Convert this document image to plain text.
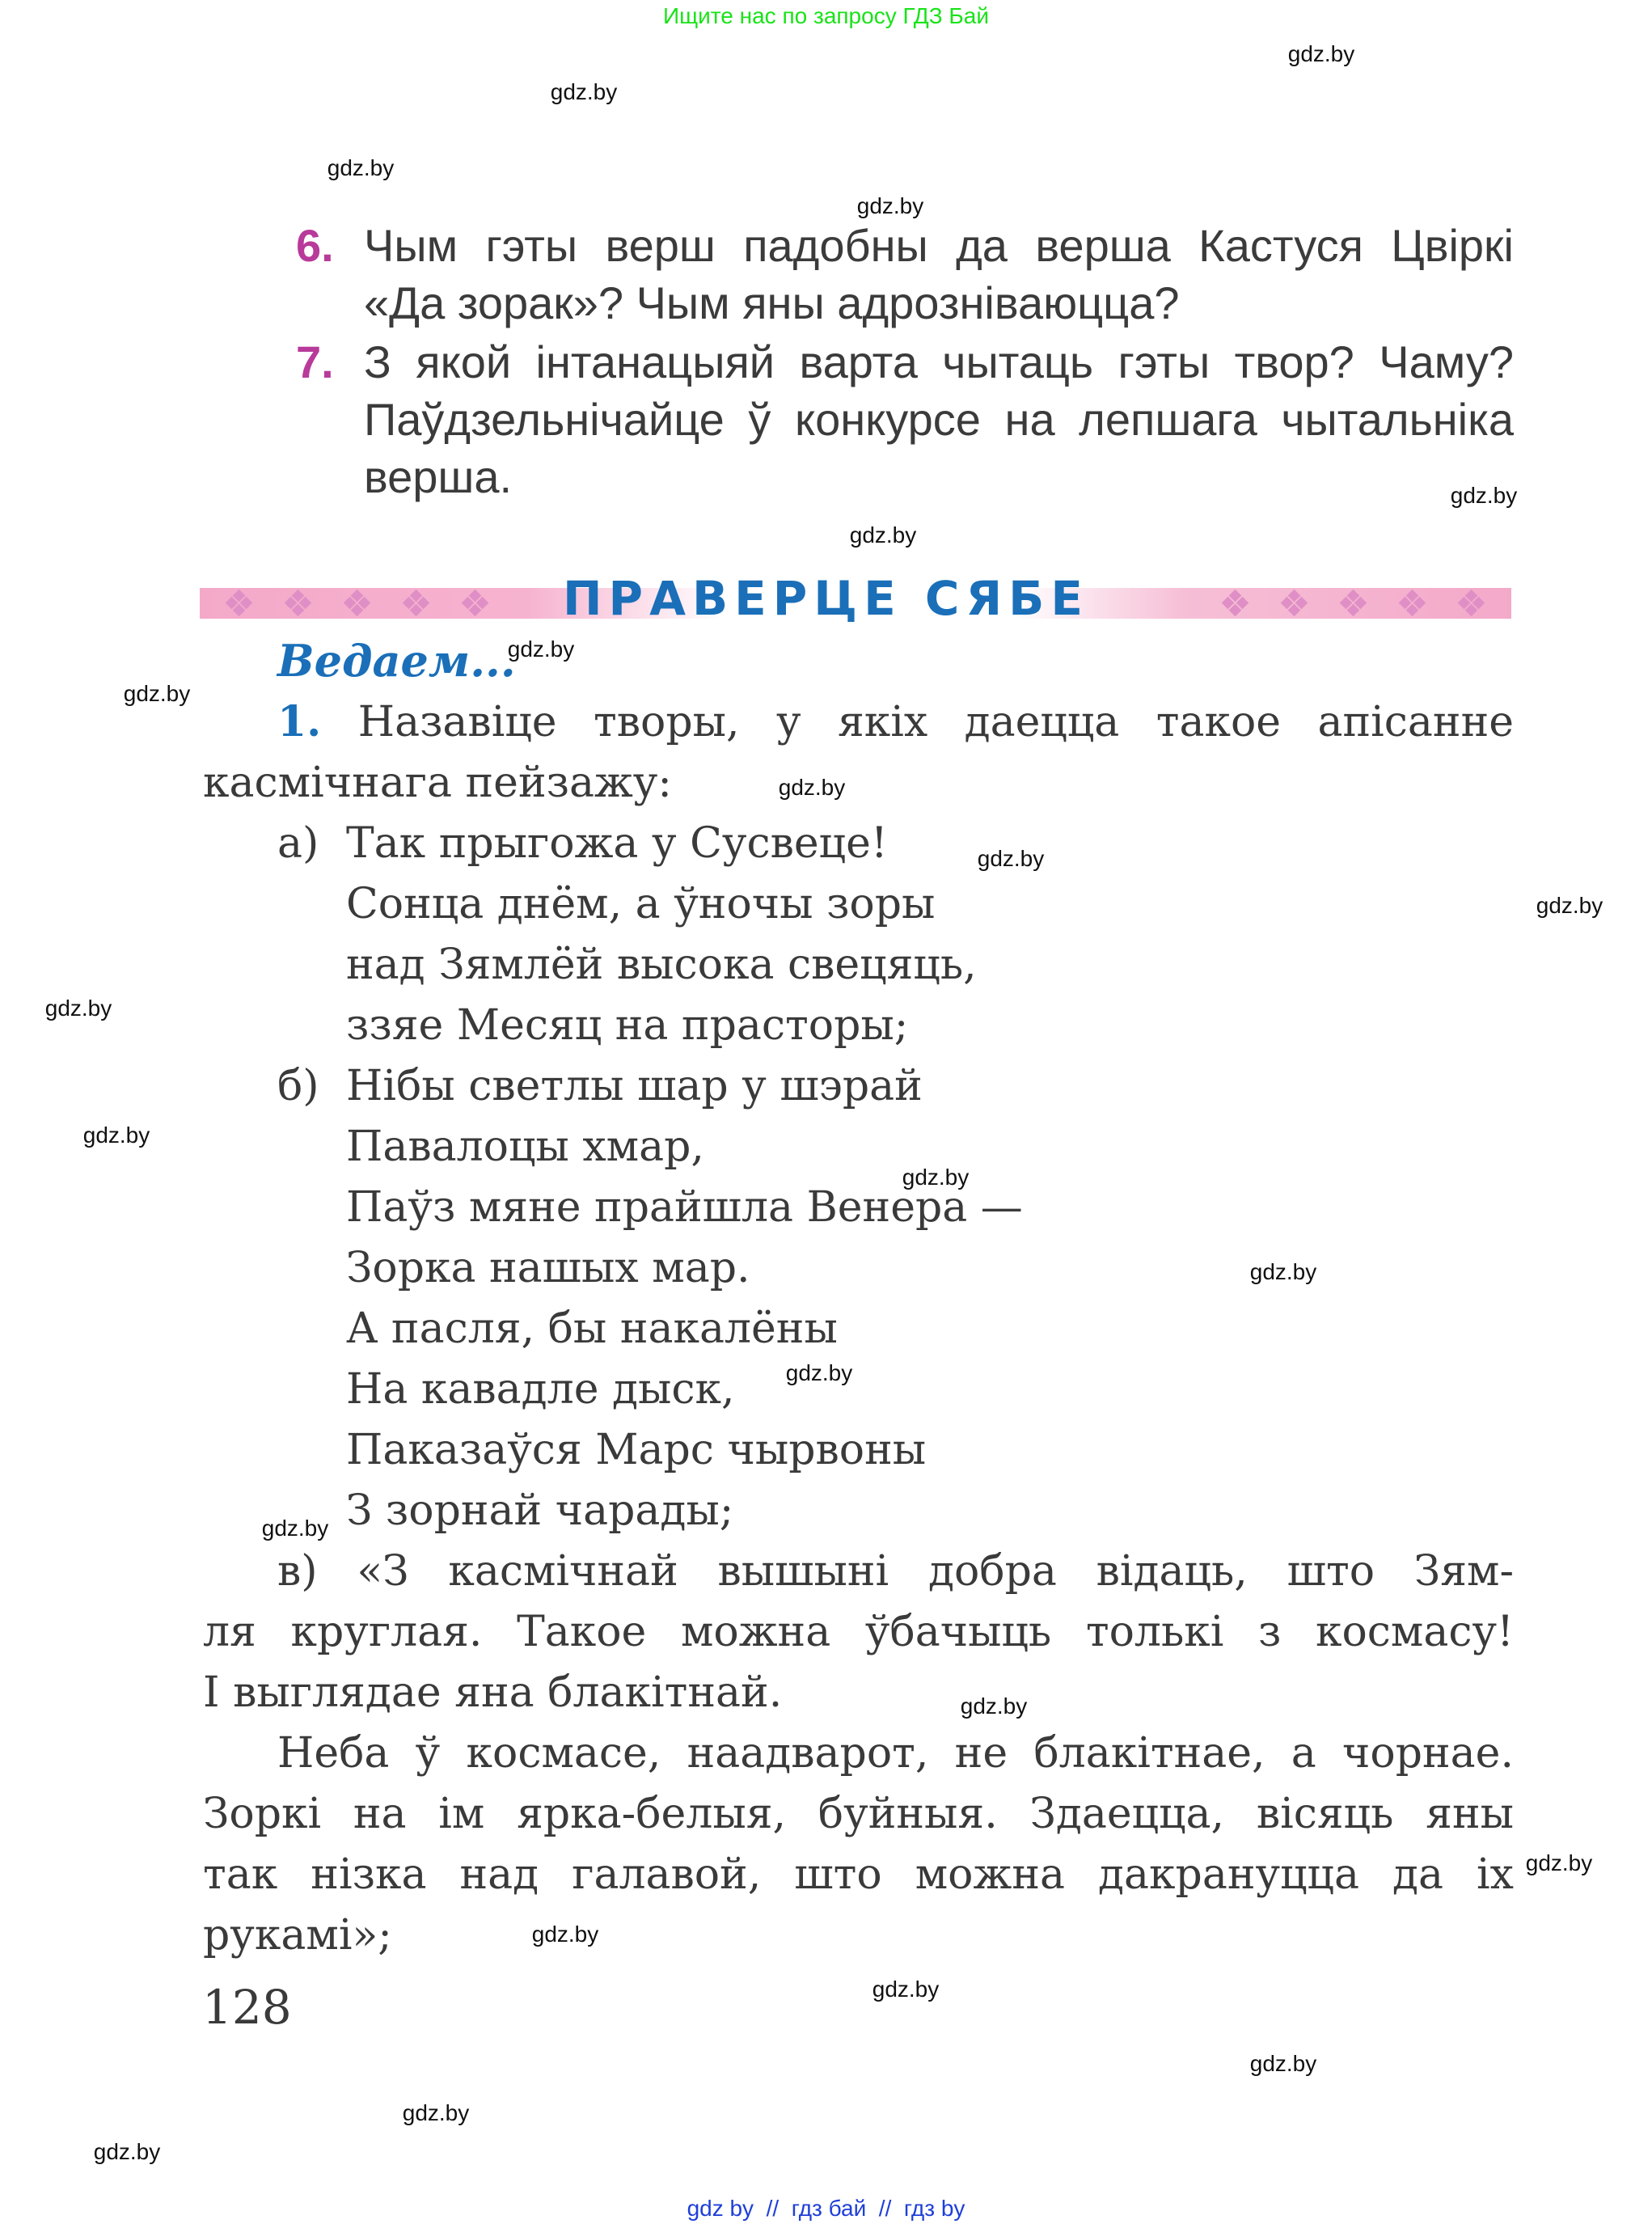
Ищите нас по запросу ГДЗ Бай
gdz.by
gdz.by
gdz.by
gdz.by
gdz.by
gdz.by
gdz.by
gdz.by
gdz.by
gdz.by
gdz.by
gdz.by
gdz.by
gdz.by
gdz.by
gdz.by
gdz.by
gdz.by
gdz.by
gdz.by
gdz.by
gdz.by
gdz.by
gdz.by
6. Чым гэты верш падобны да верша Кастуся Цвіркі
«Да зорак»? Чым яны адрозніваюцца?
7. З якой інтанацыяй варта чытаць гэты твор? Чаму?
Паўдзельнічайце ў конкурсе на лепшага чытальніка
верша.
ПРАВЕРЦЕ СЯБЕ
Ведаем...
1. Назавіце творы, у якіх даецца такое апісанне
касмічнага пейзажу:
а) Так прыгожа у Сусвеце!
Сонца днём, а ўночы зоры
над Зямлёй высока свецяць,
ззяе Месяц на прасторы;
б) Нібы светлы шар у шэрай
Павалоцы хмар,
Паўз мяне прайшла Венера —
Зорка нашых мар.
А пасля, бы накалёны
На кавадле дыск,
Паказаўся Марс чырвоны
З зорнай чарады;
в) «З касмічнай вышыні добра відаць, што Зям-
ля круглая. Такое можна ўбачыць толькі з космасу!
І выглядае яна блакітнай.
Неба ў космасе, наадварот, не блакітнае, а чорнае.
Зоркі на ім ярка-белыя, буйныя. Здаецца, вісяць яны
так нізка над галавой, што можна дакрануцца да іх
рукамі»;
128
gdz by  //  гдз бай  //  гдз by
